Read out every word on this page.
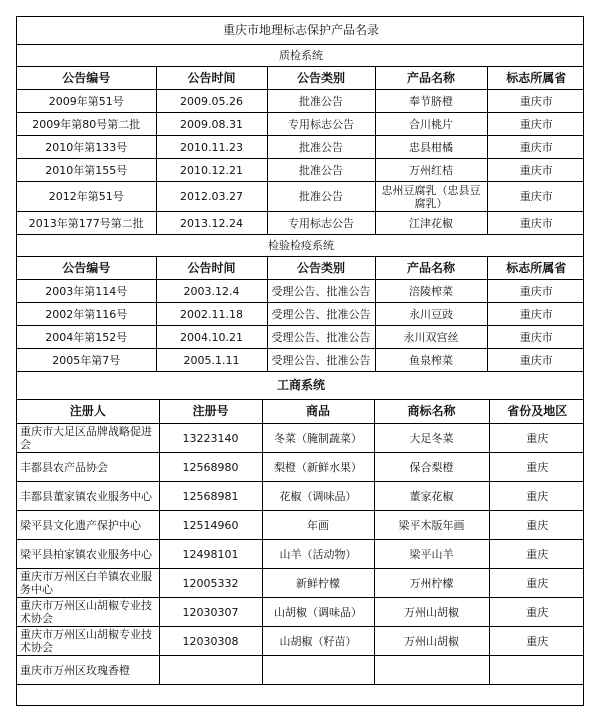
重庆市地理标志保护产品名录				
质检系统				
公告编号	公告时间	公告类别	产品名称	标志所属省
2009年第51号	2009.05.26	批准公告	奉节脐橙	重庆市
2009年第80号第二批	2009.08.31	专用标志公告	合川桃片	重庆市
2010年第133号	2010.11.23	批准公告	忠县柑橘	重庆市
2010年第155号	2010.12.21	批准公告	万州红桔	重庆市
2012年第51号	2012.03.27	批准公告	忠州豆腐乳（忠县豆腐乳）	重庆市
2013年第177号第二批	2013.12.24	专用标志公告	江津花椒	重庆市
检验检疫系统				
公告编号	公告时间	公告类别	产品名称	标志所属省
2003年第114号	2003.12.4	受理公告、批准公告	涪陵榨菜	重庆市
2002年第116号	2002.11.18	受理公告、批准公告	永川豆豉	重庆市
2004年第152号	2004.10.21	受理公告、批准公告	永川双宫丝	重庆市
2005年第7号	2005.1.11	受理公告、批准公告	鱼泉榨菜	重庆市
工商系统				
注册人	注册号	商品	商标名称	省份及地区
重庆市大足区品牌战略促进会	13223140	冬菜（腌制蔬菜）	大足冬菜	重庆
丰都县农产品协会	12568980	梨橙（新鲜水果）	保合梨橙	重庆
丰都县董家镇农业服务中心	12568981	花椒（调味品）	董家花椒	重庆
梁平县文化遗产保护中心	12514960	年画	梁平木版年画	重庆
梁平县柏家镇农业服务中心	12498101	山羊（活动物）	梁平山羊	重庆
重庆市万州区白羊镇农业服务中心	12005332	新鲜柠檬	万州柠檬	重庆
重庆市万州区山胡椒专业技术协会	12030307	山胡椒（调味品）	万州山胡椒	重庆
重庆市万州区山胡椒专业技术协会	12030308	山胡椒（籽苗）	万州山胡椒	重庆
重庆市万州区玫瑰香橙				
